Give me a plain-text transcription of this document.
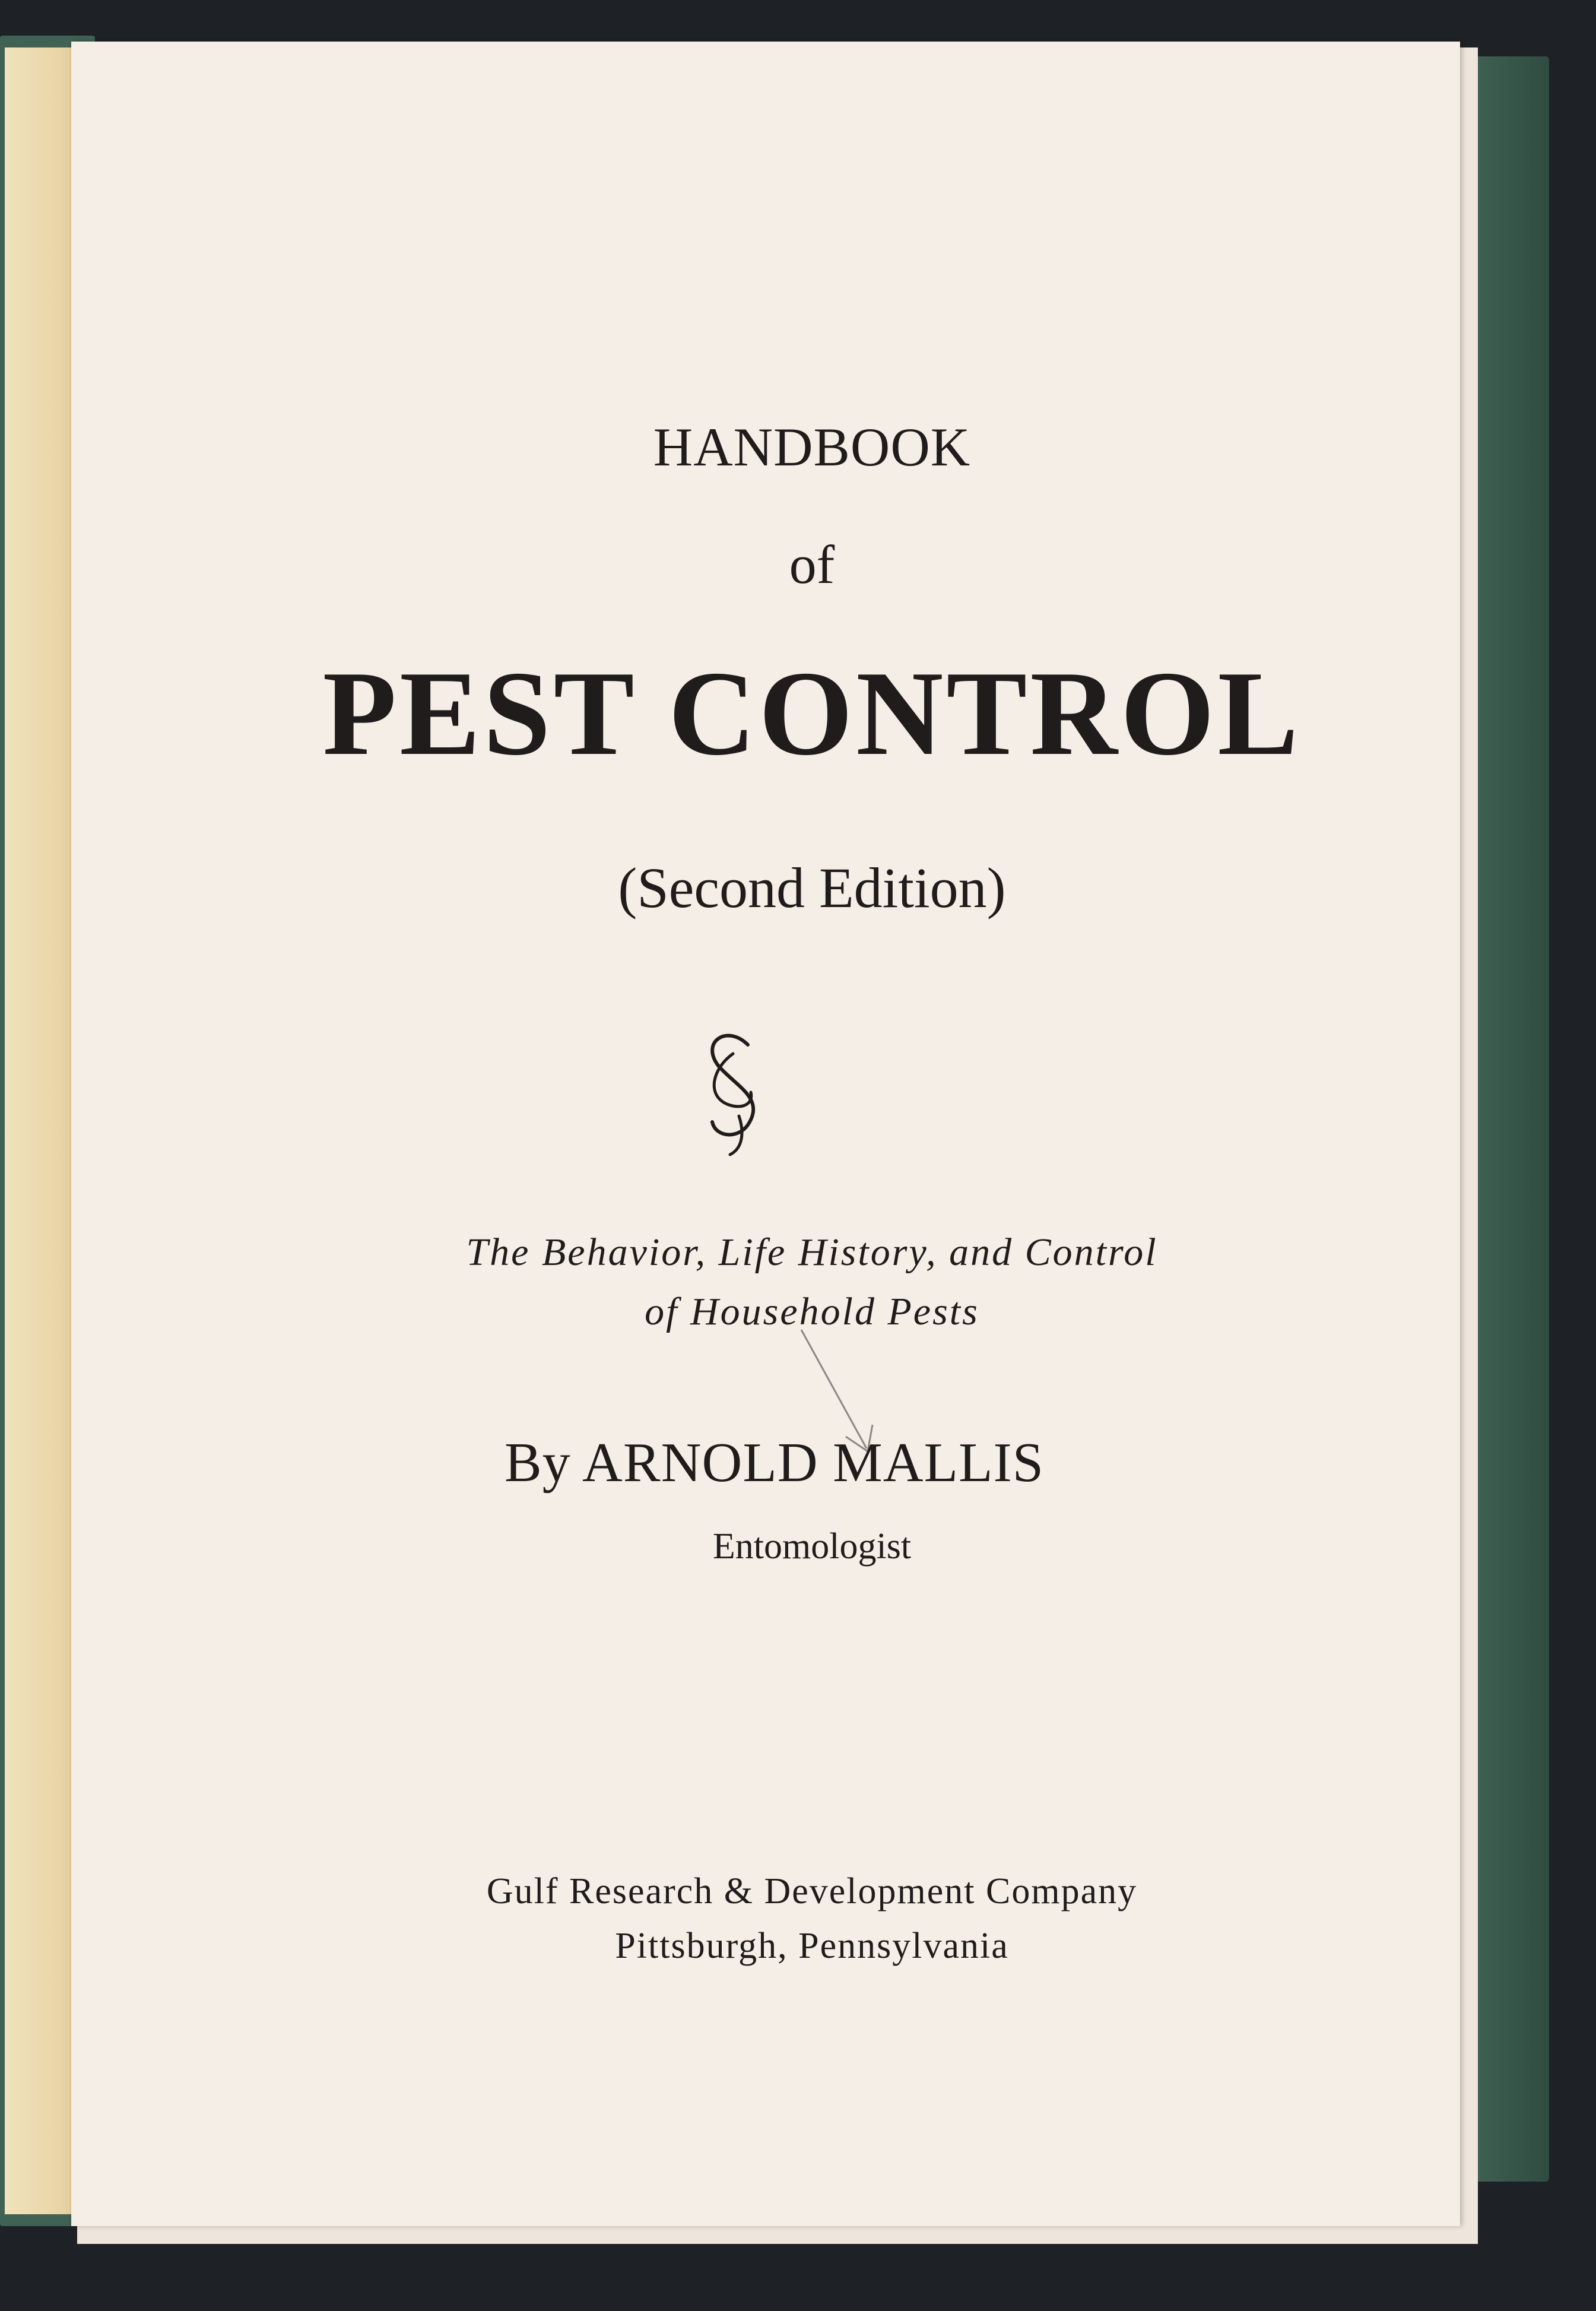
HANDBOOK
of
PEST CONTROL
(Second Edition)
The Behavior, Life History, and Control
of Household Pests
By ARNOLD MALLIS
Entomologist
Gulf Research & Development Company
Pittsburgh, Pennsylvania
